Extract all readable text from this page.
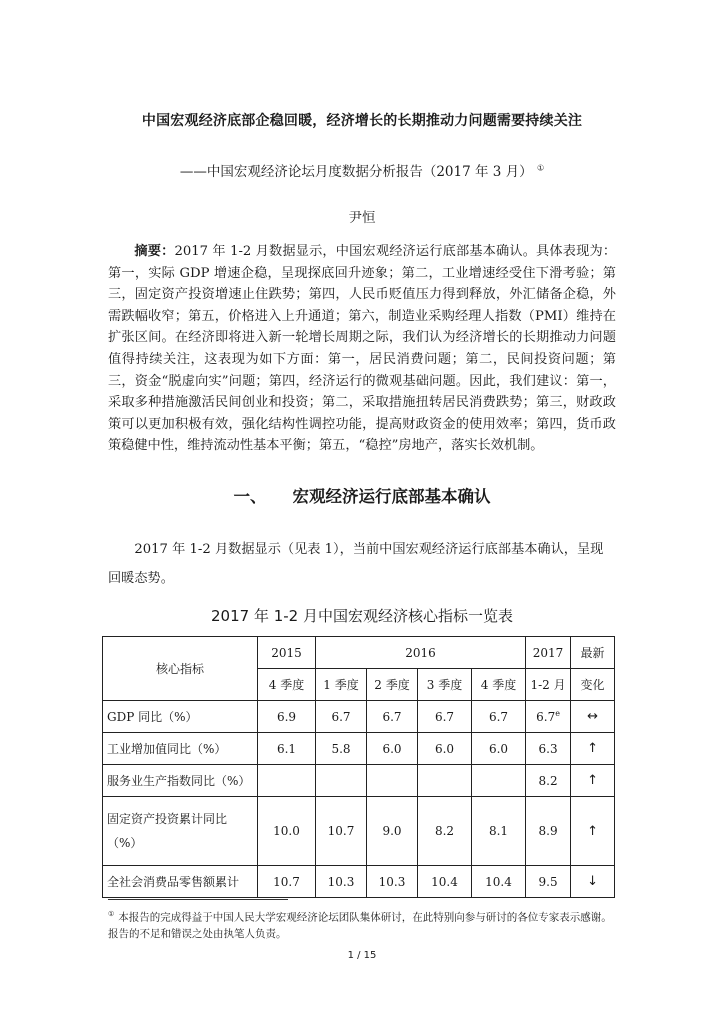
中国宏观经济底部企稳回暖，经济增长的长期推动力问题需要持续关注
——中国宏观经济论坛月度数据分析报告（2017 年 3 月） ①
尹恒

摘要：2017 年 1-2 月数据显示，中国宏观经济运行底部基本确认。具体表现为：第一，实际 GDP 增速企稳，呈现探底回升迹象；第二，工业增速经受住下滑考验；第三，固定资产投资增速止住跌势；第四，人民币贬值压力得到释放，外汇储备企稳，外需跌幅收窄；第五，价格进入上升通道；第六，制造业采购经理人指数（PMI）维持在扩张区间。在经济即将进入新一轮增长周期之际，我们认为经济增长的长期推动力问题值得持续关注，这表现为如下方面：第一，居民消费问题；第二，民间投资问题；第三，资金“脱虚向实”问题；第四，经济运行的微观基础问题。因此，我们建议：第一，采取多种措施激活民间创业和投资；第二，采取措施扭转居民消费跌势；第三，财政政策可以更加积极有效，强化结构性调控功能，提高财政资金的使用效率；第四，货币政策稳健中性，维持流动性基本平衡；第五，“稳控”房地产，落实长效机制。

一、 宏观经济运行底部基本确认

2017 年 1-2 月数据显示（见表 1），当前中国宏观经济运行底部基本确认，呈现回暖态势。

2017 年 1-2 月中国宏观经济核心指标一览表
核心指标	2015	2016				2017	最新
	4 季度	1 季度	2 季度	3 季度	4 季度	1-2 月	变化
GDP 同比（%）	6.9	6.7	6.7	6.7	6.7	6.7e	↔
工业增加值同比（%）	6.1	5.8	6.0	6.0	6.0	6.3	↑
服务业生产指数同比（%）						8.2	↑

固定资产投资累计同比
（%）	10.0	10.7	9.0	8.2	8.1	8.9	↑
全社会消费品零售额累计	10.7	10.3	10.3	10.4	10.4	9.5	↓

① 本报告的完成得益于中国人民大学宏观经济论坛团队集体研讨，在此特别向参与研讨的各位专家表示感谢。报告的不足和错误之处由执笔人负责。

1 / 15
